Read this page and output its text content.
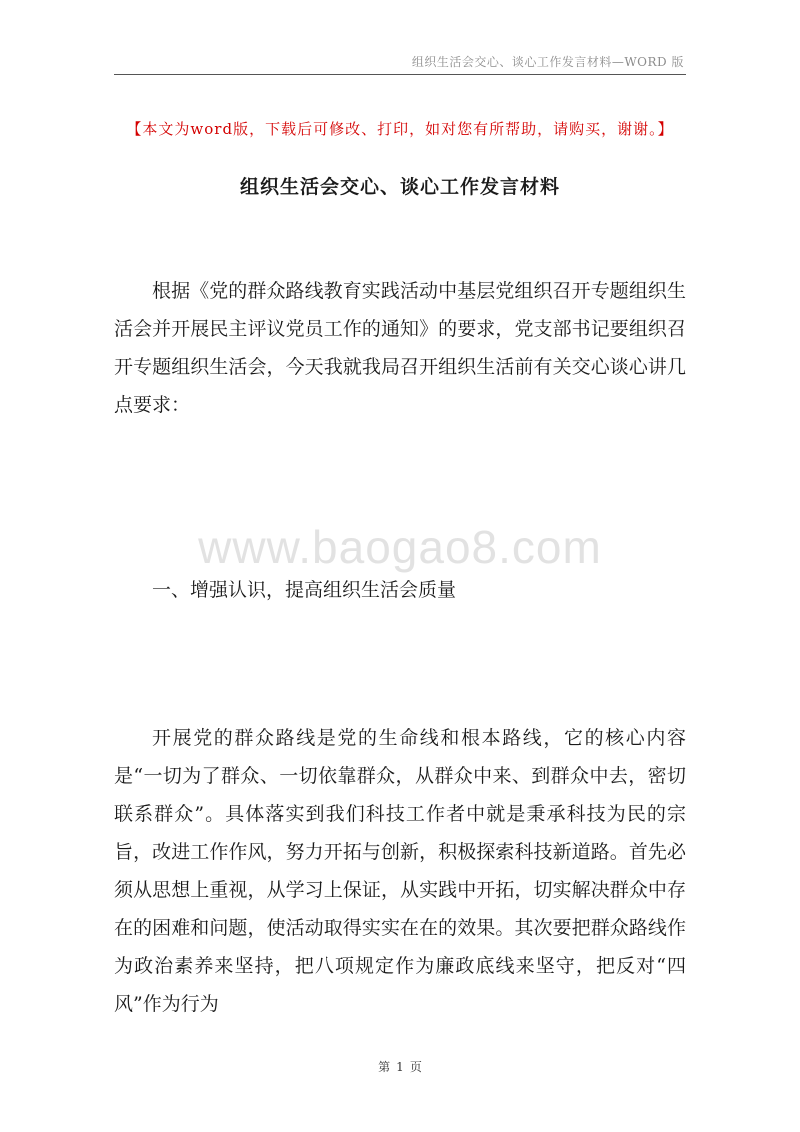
组织生活会交心、谈心工作发言材料—WORD 版
【本文为word版，下载后可修改、打印，如对您有所帮助，请购买，谢谢。】
组织生活会交心、谈心工作发言材料

根据《党的群众路线教育实践活动中基层党组织召开专题组织生活会并开展民主评议党员工作的通知》的要求，党支部书记要组织召开专题组织生活会，今天我就我局召开组织生活前有关交心谈心讲几点要求：

www.baogao8.com
一、增强认识，提高组织生活会质量

开展党的群众路线是党的生命线和根本路线，它的核心内容是“一切为了群众、一切依靠群众，从群众中来、到群众中去，密切联系群众”。具体落实到我们科技工作者中就是秉承科技为民的宗旨，改进工作作风，努力开拓与创新，积极探索科技新道路。首先必须从思想上重视，从学习上保证，从实践中开拓，切实解决群众中存在的困难和问题，使活动取得实实在在的效果。其次要把群众路线作为政治素养来坚持，把八项规定作为廉政底线来坚守，把反对“四风”作为行为

第 1 页
